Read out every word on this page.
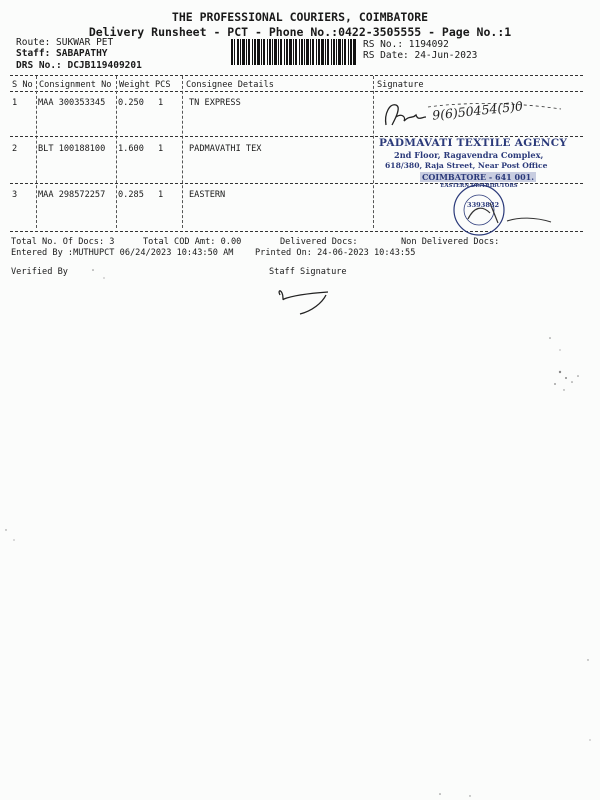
THE PROFESSIONAL COURIERS, COIMBATORE
Delivery Runsheet - PCT - Phone No.:0422-3505555 - Page No.:1
Route: SUKWAR PET
Staff: SABAPATHY
DRS No.: DCJB119409201
RS No.: 1194092
RS Date: 24-Jun-2023
S No Consignment No Weight PCS Consignee Details	Signature
1 MAA 300353345 0.250 1	TN EXPRESS
2 BLT 100188100 1.600 1	PADMAVATHI TEX
3 MAA 298572257 0.285 1	EASTERN
9(6)50454(5)0
PADMAVATI TEXTILE AGENCY
2nd Floor, Ragavendra Complex,
618/380, Raja Street, Near Post Office
COIMBATORE - 641 001.
EASTERN DISTRIBUTORS
3393832
Total No. Of Docs: 3	Total COD Amt: 0.00	Delivered Docs:	Non Delivered Docs:
Entered By :MUTHUPCT 06/24/2023 10:43:50 AM	Printed On: 24-06-2023 10:43:55
Verified By	Staff Signature
